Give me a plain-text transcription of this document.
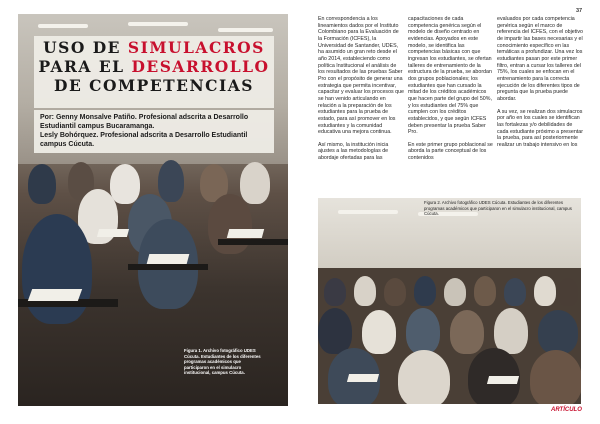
USO DE SIMULACROS
PARA EL DESARROLLO
DE COMPETENCIAS
Por: Genny Monsalve Patiño. Profesional adscrita a Desarrollo Estudiantil campus Bucaramanga.
Lesly Bohórquez. Profesional adscrita a Desarrollo Estudiantil campus Cúcuta.
Figura 1. Archivo fotográfico UDES Cúcuta. Estudiantes de los diferentes programas académicos que participaron en el simulacro institucional, campus Cúcuta.
37

En correspondencia a los lineamientos dados por el Instituto Colombiano para la Evaluación de la Formación (ICFES), la Universidad de Santander, UDES, ha asumido un gran reto desde el año 2014, estableciendo como política Institucional el análisis de los resultados de las pruebas Saber Pro con el propósito de generar una estrategia que permita incentivar, capacitar y evaluar los procesos que se han venido articulando en relación a la preparación de los estudiantes para la prueba de estado, para así promover en los estudiantes y la comunidad educativa una mejora continua.

Así mismo, la institución inicia ajustes a las metodologías de abordaje ofertadas para las

capacitaciones de cada competencia genérica según el modelo de diseño centrado en evidencias. Apoyados en este modelo, se identifica las competencias básicas con que ingresan los estudiantes, se ofertan talleres de entrenamiento de la estructura de la prueba, se abordan dos grupos poblacionales; los estudiantes que han cursado la mitad de los créditos académicos que hacen parte del grupo del 50%, y los estudiantes del 75% que cumplen con los créditos establecidos, y que según ICFES deben presentar la prueba Saber Pro.

En este primer grupo poblacional se aborda la parte conceptual de los contenidos

evaluados por cada competencia genérica según el marco de referencia del ICFES, con el objetivo de impartir las bases necesarias y el conocimiento específico en las temáticas a profundizar. Una vez los estudiantes pasan por este primer filtro, entran a cursar los talleres del 75%, los cuales se enfocan en el entrenamiento para la correcta ejecución de los diferentes tipos de pregunta que la prueba puede abordar.

A su vez, se realizan dos simulacros por año en los cuales se identifican las fortalezas y/o debilidades de cada estudiante próximo a presentar la prueba, para así posteriormente realizar un trabajo intensivo en los

Figura 2. Archivo fotográfico UDES Cúcuta. Estudiantes de los diferentes programas académicos que participaron en el simulacro institucional, campus Cúcuta.
ARTÍCULO
